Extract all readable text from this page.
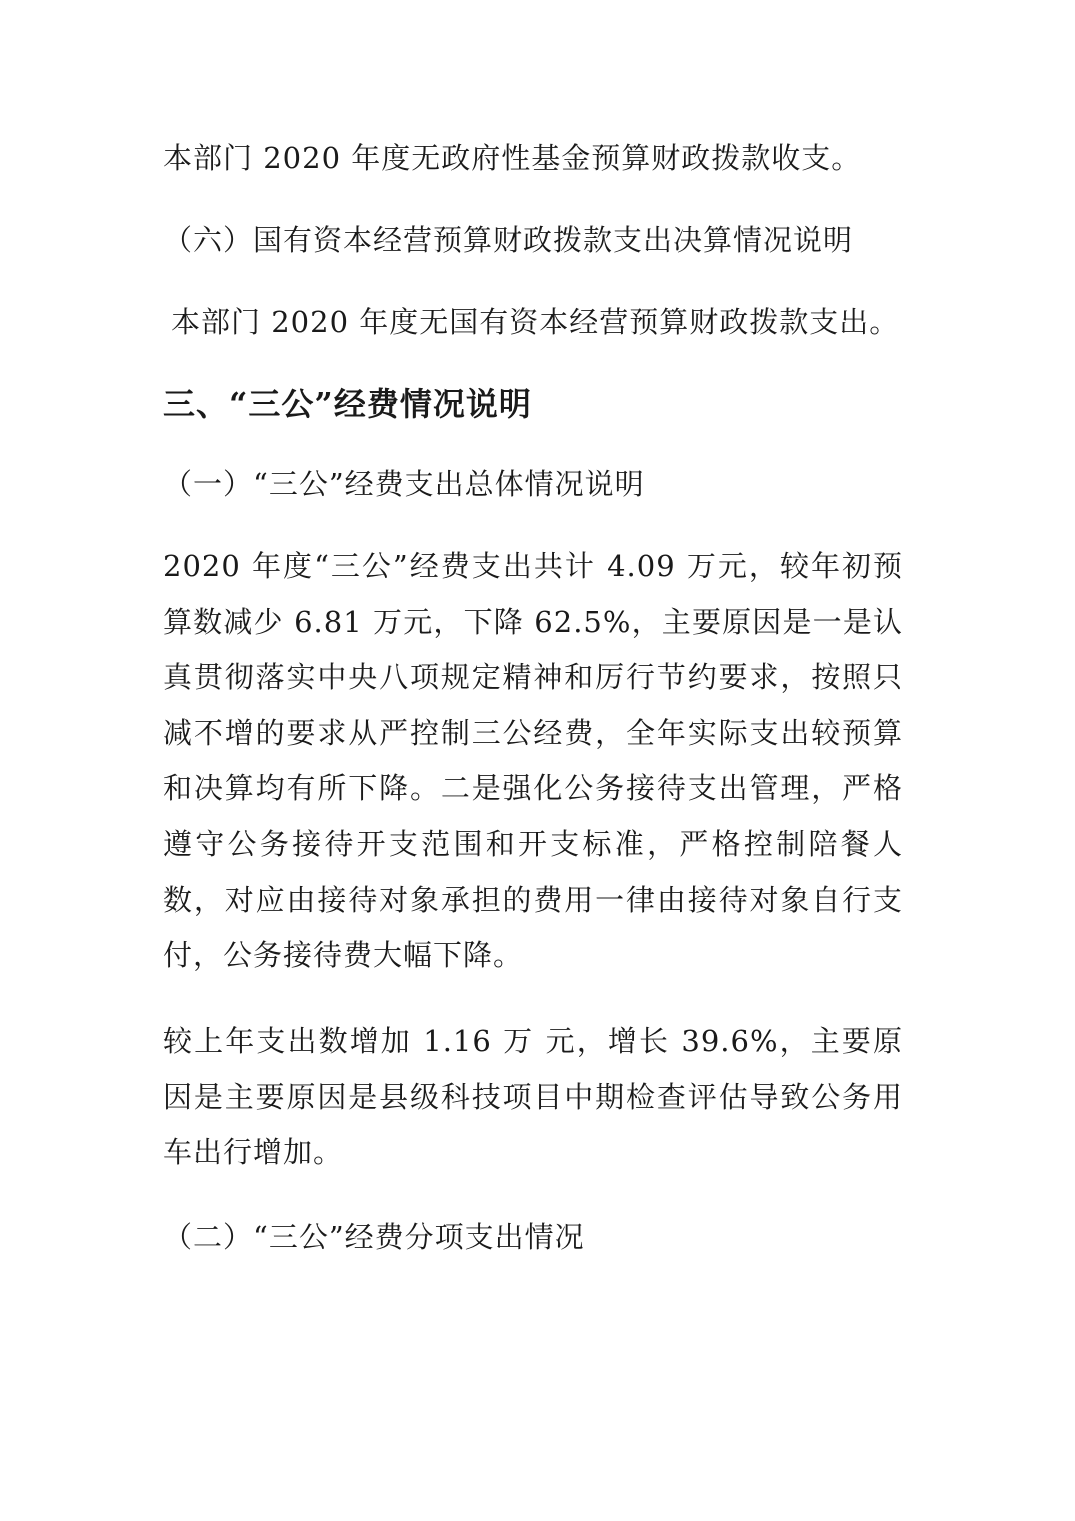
本部门 2020 年度无政府性基金预算财政拨款收支。
（六）国有资本经营预算财政拨款支出决算情况说明
本部门 2020 年度无国有资本经营预算财政拨款支出。
三、“三公”经费情况说明
（一）“三公”经费支出总体情况说明
2020 年度“三公”经费支出共计 4.09 万元，较年初预算数减少 6.81 万元，下降 62.5%，主要原因是一是认真贯彻落实中央八项规定精神和厉行节约要求，按照只减不增的要求从严控制三公经费，全年实际支出较预算和决算均有所下降。二是强化公务接待支出管理，严格遵守公务接待开支范围和开支标准，严格控制陪餐人数，对应由接待对象承担的费用一律由接待对象自行支付，公务接待费大幅下降。
较上年支出数增加 1.16 万 元，增长 39.6%，主要原因是主要原因是县级科技项目中期检查评估导致公务用车出行增加。
（二）“三公”经费分项支出情况
